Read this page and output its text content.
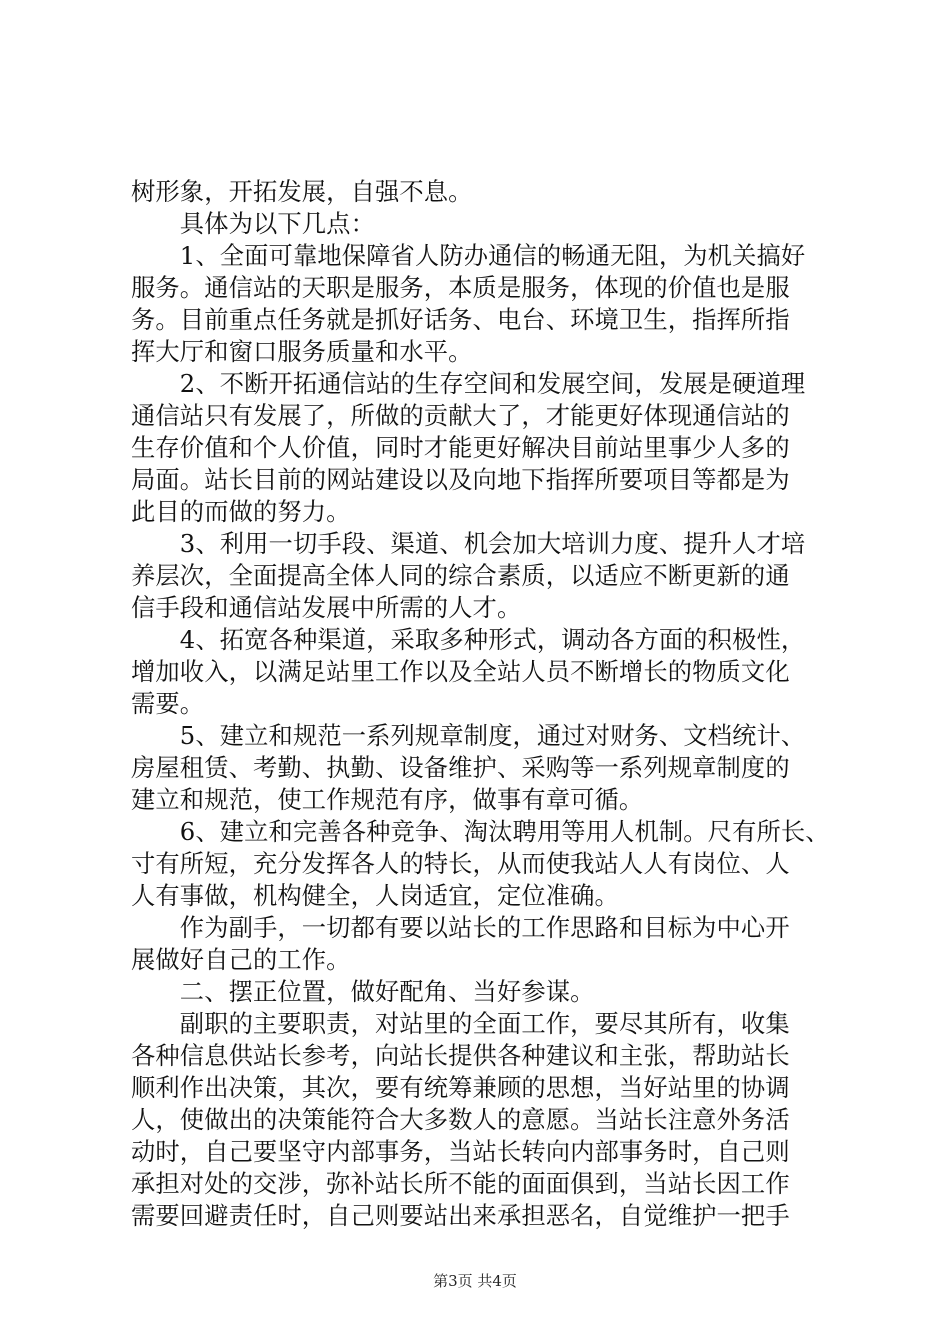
树形象，开拓发展，自强不息。
　　具体为以下几点：
　　1、全面可靠地保障省人防办通信的畅通无阻，为机关搞好
服务。通信站的天职是服务，本质是服务，体现的价值也是服
务。目前重点任务就是抓好话务、电台、环境卫生，指挥所指
挥大厅和窗口服务质量和水平。
　　2、不断开拓通信站的生存空间和发展空间，发展是硬道理
通信站只有发展了，所做的贡献大了，才能更好体现通信站的
生存价值和个人价值，同时才能更好解决目前站里事少人多的
局面。站长目前的网站建设以及向地下指挥所要项目等都是为
此目的而做的努力。
　　3、利用一切手段、渠道、机会加大培训力度、提升人才培
养层次，全面提高全体人同的综合素质，以适应不断更新的通
信手段和通信站发展中所需的人才。
　　4、拓宽各种渠道，采取多种形式，调动各方面的积极性，
增加收入，以满足站里工作以及全站人员不断增长的物质文化
需要。
　　5、建立和规范一系列规章制度，通过对财务、文档统计、
房屋租赁、考勤、执勤、设备维护、采购等一系列规章制度的
建立和规范，使工作规范有序，做事有章可循。
　　6、建立和完善各种竞争、淘汰聘用等用人机制。尺有所长、
寸有所短，充分发挥各人的特长，从而使我站人人有岗位、人
人有事做，机构健全，人岗适宜，定位准确。
　　作为副手，一切都有要以站长的工作思路和目标为中心开
展做好自己的工作。
　　二、摆正位置，做好配角、当好参谋。
　　副职的主要职责，对站里的全面工作，要尽其所有，收集
各种信息供站长参考，向站长提供各种建议和主张，帮助站长
顺利作出决策，其次，要有统筹兼顾的思想，当好站里的协调
人，使做出的决策能符合大多数人的意愿。当站长注意外务活
动时，自己要坚守内部事务，当站长转向内部事务时，自己则
承担对处的交涉，弥补站长所不能的面面俱到，当站长因工作
需要回避责任时，自己则要站出来承担恶名，自觉维护一把手
第3页 共4页
